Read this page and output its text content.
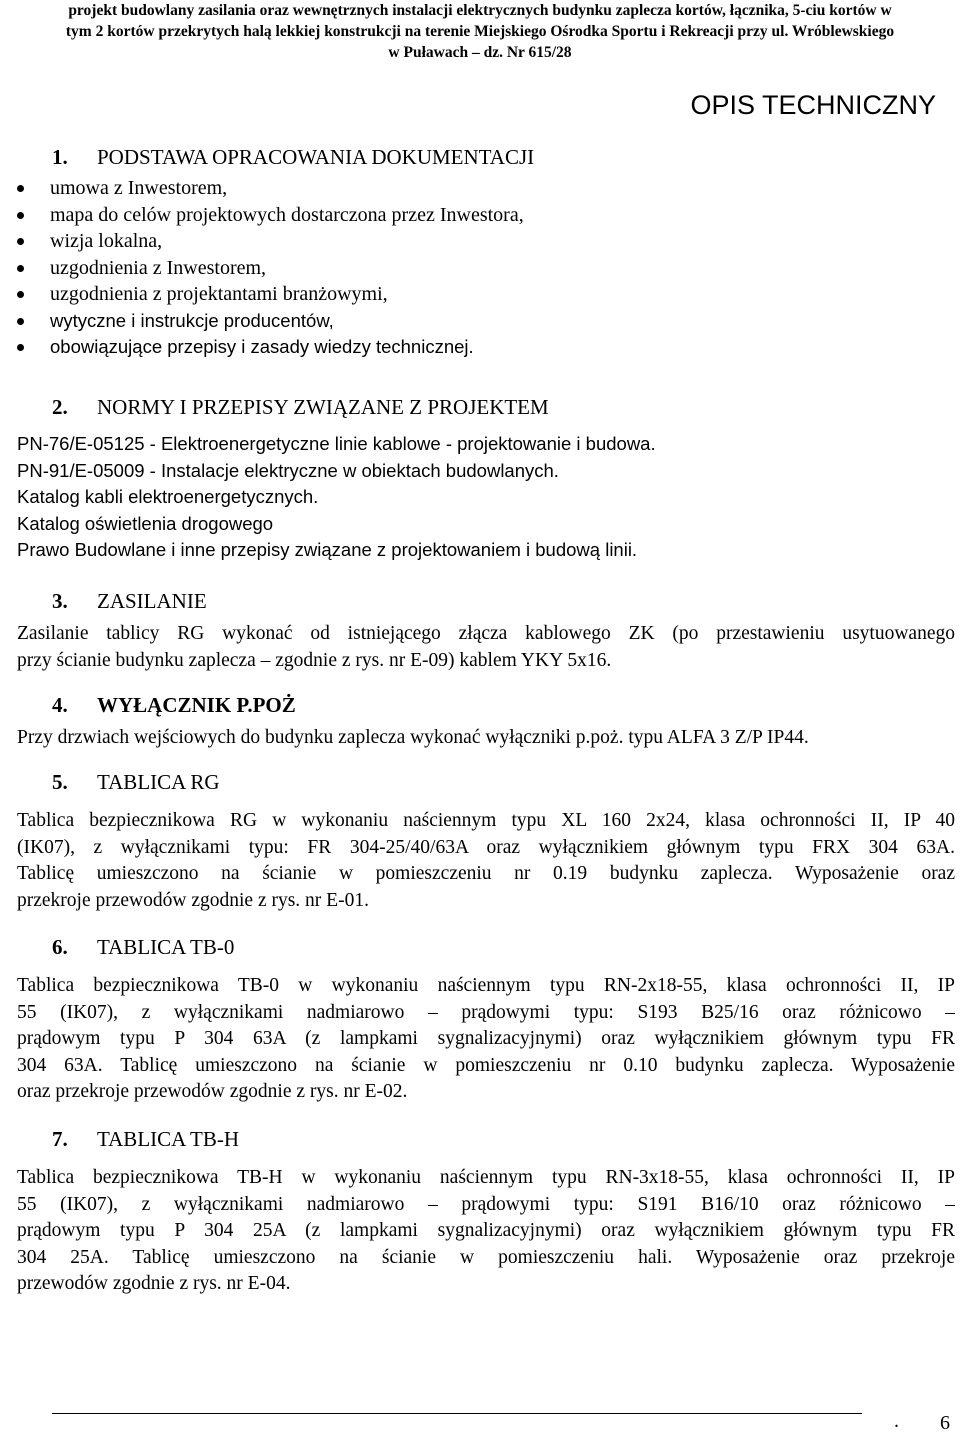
projekt budowlany zasilania oraz wewnętrznych instalacji elektrycznych budynku zaplecza kortów, łącznika, 5-ciu kortów w
tym 2 kortów przekrytych halą lekkiej konstrukcji na terenie Miejskiego Ośrodka Sportu i Rekreacji przy ul. Wróblewskiego
w Puławach – dz. Nr 615/28
OPIS TECHNICZNY
1. PODSTAWA OPRACOWANIA DOKUMENTACJI
umowa z Inwestorem,
mapa do celów projektowych dostarczona przez Inwestora,
wizja lokalna,
uzgodnienia z Inwestorem,
uzgodnienia z projektantami branżowymi,
wytyczne i instrukcje producentów,
obowiązujące przepisy i zasady wiedzy technicznej.
2. NORMY I PRZEPISY ZWIĄZANE Z PROJEKTEM
PN-76/E-05125 - Elektroenergetyczne linie kablowe - projektowanie i budowa.
PN-91/E-05009 - Instalacje elektryczne w obiektach budowlanych.
Katalog kabli elektroenergetycznych.
Katalog oświetlenia drogowego
Prawo Budowlane i inne przepisy związane z projektowaniem i budową linii.
3. ZASILANIE
Zasilanie tablicy RG wykonać od istniejącego złącza kablowego ZK (po przestawieniu usytuowanego
przy ścianie budynku zaplecza – zgodnie z rys. nr E-09) kablem YKY 5x16.
4. WYŁĄCZNIK P.POŻ
Przy drzwiach wejściowych do budynku zaplecza wykonać wyłączniki p.poż. typu ALFA 3 Z/P IP44.
5. TABLICA RG
Tablica bezpiecznikowa RG w wykonaniu naściennym typu XL 160 2x24, klasa ochronności II, IP 40
(IK07), z wyłącznikami typu: FR 304-25/40/63A oraz wyłącznikiem głównym typu FRX 304 63A.
Tablicę umieszczono na ścianie w pomieszczeniu nr 0.19 budynku zaplecza. Wyposażenie oraz
przekroje przewodów zgodnie z rys. nr E-01.
6. TABLICA TB-0
Tablica bezpiecznikowa TB-0 w wykonaniu naściennym typu RN-2x18-55, klasa ochronności II, IP
55 (IK07), z wyłącznikami nadmiarowo – prądowymi typu: S193 B25/16 oraz różnicowo –
prądowym typu P 304 63A (z lampkami sygnalizacyjnymi) oraz wyłącznikiem głównym typu FR
304 63A. Tablicę umieszczono na ścianie w pomieszczeniu nr 0.10 budynku zaplecza. Wyposażenie
oraz przekroje przewodów zgodnie z rys. nr E-02.
7. TABLICA TB-H
Tablica bezpiecznikowa TB-H w wykonaniu naściennym typu RN-3x18-55, klasa ochronności II, IP
55 (IK07), z wyłącznikami nadmiarowo – prądowymi typu: S191 B16/10 oraz różnicowo –
prądowym typu P 304 25A (z lampkami sygnalizacyjnymi) oraz wyłącznikiem głównym typu FR
304 25A. Tablicę umieszczono na ścianie w pomieszczeniu hali. Wyposażenie oraz przekroje
przewodów zgodnie z rys. nr E-04.
. 6
